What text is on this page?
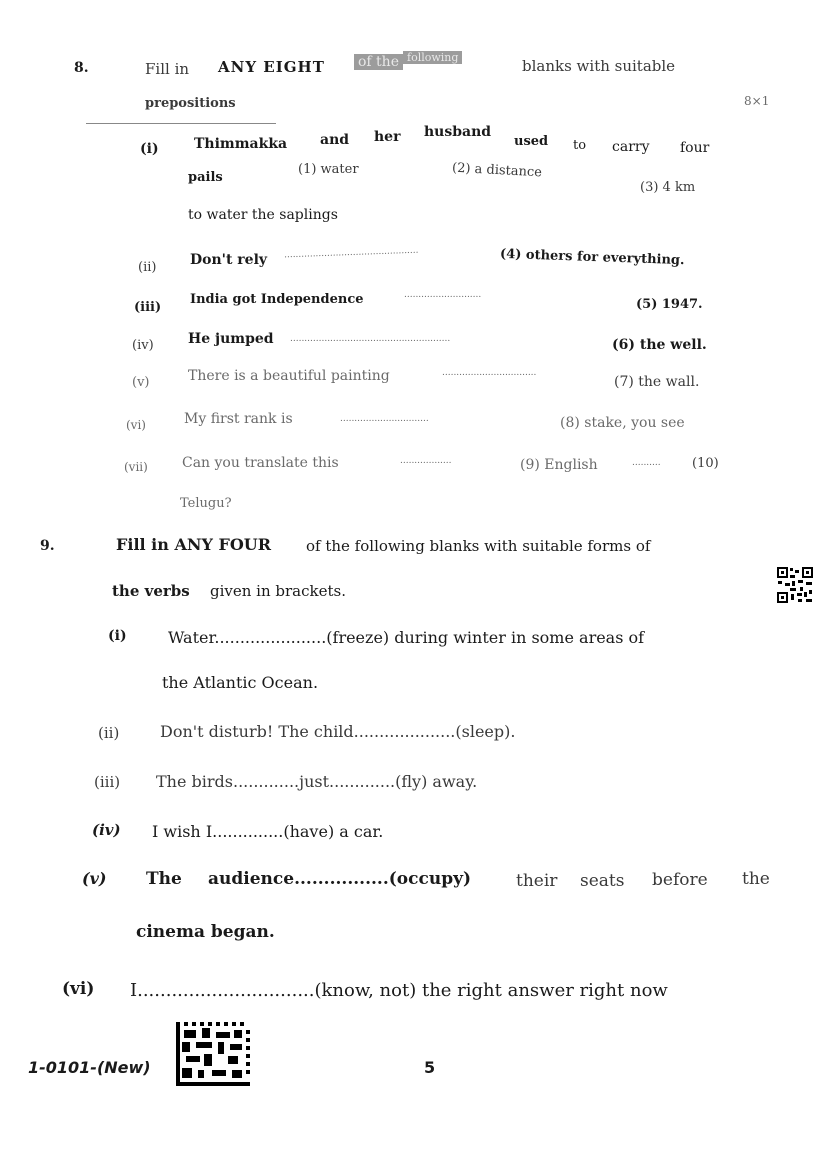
8.	Fill in ANY EIGHT of the $^{following}$	blanks with suitable
prepositions	8×1
(i)	Thimmakka and her husband
used to carry four
pails
(1) water	(2) a distance
(3) 4 km
to water the saplings
(ii) Don't rely ...............................................	(4) others for everything.
(iii)
India got Independence	...........................
(5) 1947.
(iv) He jumped ........................................................	(6) the well.
(v)	There is a beautiful painting	.................................
(7) the wall.
(vi)	My first rank is	...............................	(8) stake, you see
(vii) Can you translate this	..................	(9) English	.......... (10)
Telugu?
9.	Fill in ANY FOUR of the following blanks with suitable forms of
the verbs given in brackets.
(i)	Water......................(freeze) during winter in some areas of
the Atlantic Ocean.
(ii)	Don't disturb! The child....................(sleep).
(iii) The birds.............just.............(fly) away.
(iv) I wish I..............(have) a car.
(v) The audience................(occupy)	their seats before the
cinema began.
(vi) I...............................(know, not) the right answer right now
1-0101-(New)	5
